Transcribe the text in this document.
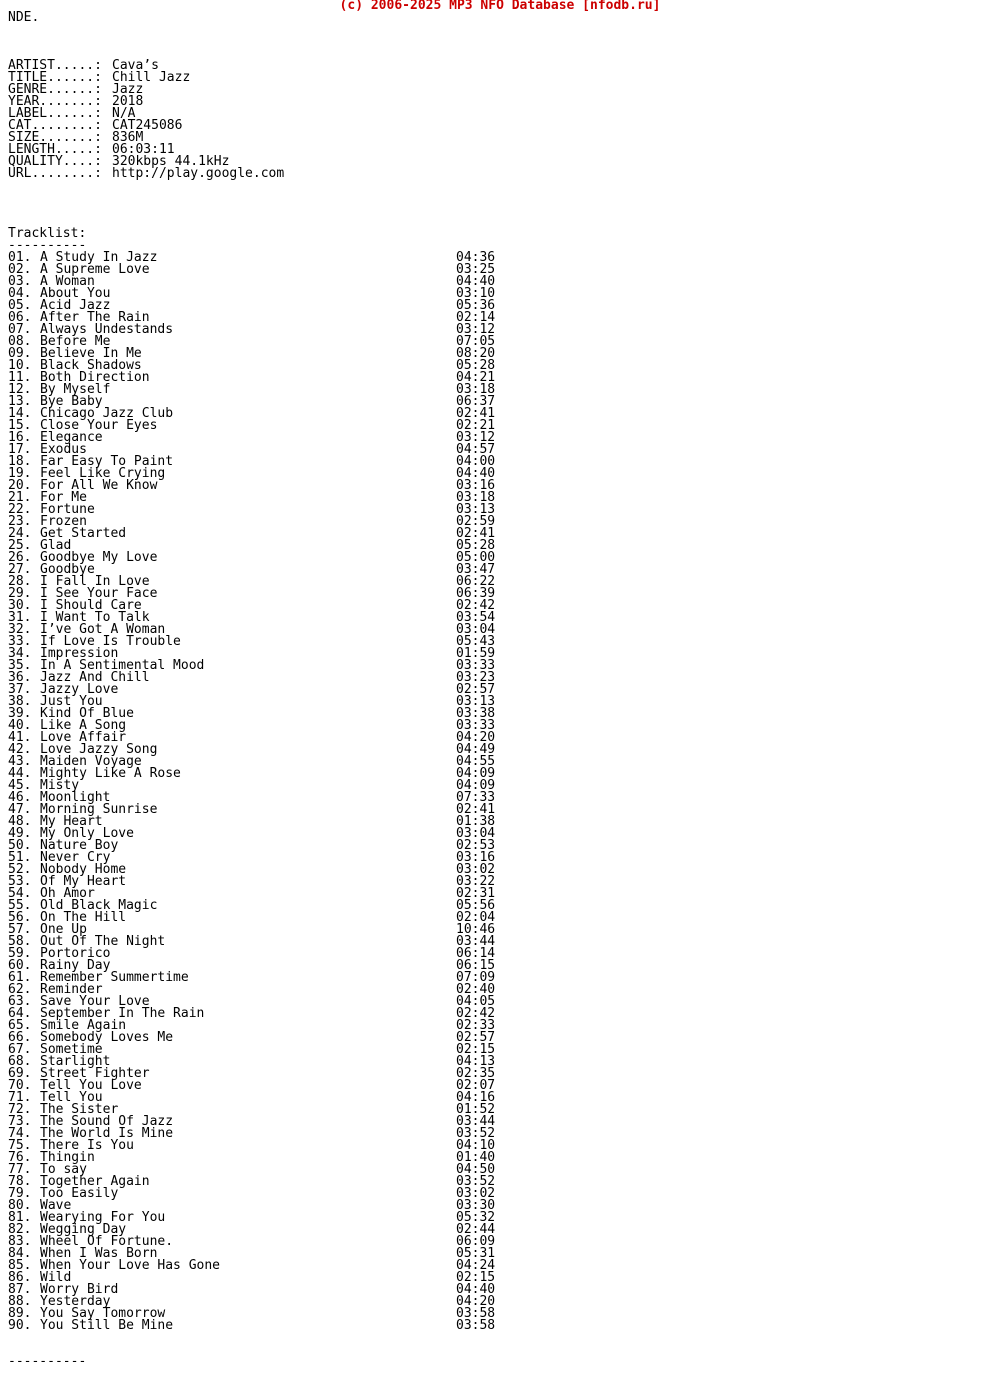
(c) 2006-2025 MP3 NFO Database [nfodb.ru]
NDE.
ARTIST.....: Cava’s
TITLE......: Chill Jazz
GENRE......: Jazz
YEAR.......: 2018
LABEL......: N/A
CAT........: CAT245086
SIZE.......: 836M
LENGTH.....: 06:03:11
QUALITY....: 320kbps 44.1kHz
URL........: http://play.google.com
Tracklist:
----------
01. A Study In Jazz	04:36
02. A Supreme Love	03:25
03. A Woman	04:40
04. About You	03:10
05. Acid Jazz	05:36
06. After The Rain	02:14
07. Always Undestands	03:12
08. Before Me	07:05
09. Believe In Me	08:20
10. Black Shadows	05:28
11. Both Direction	04:21
12. By Myself	03:18
13. Bye Baby	06:37
14. Chicago Jazz Club	02:41
15. Close Your Eyes	02:21
16. Elegance	03:12
17. Exodus	04:57
18. Far Easy To Paint	04:00
19. Feel Like Crying	04:40
20. For All We Know	03:16
21. For Me	03:18
22. Fortune	03:13
23. Frozen	02:59
24. Get Started	02:41
25. Glad	05:28
26. Goodbye My Love	05:00
27. Goodbye	03:47
28. I Fall In Love	06:22
29. I See Your Face	06:39
30. I Should Care	02:42
31. I Want To Talk	03:54
32. I’ve Got A Woman	03:04
33. If Love Is Trouble	05:43
34. Impression	01:59
35. In A Sentimental Mood	03:33
36. Jazz And Chill	03:23
37. Jazzy Love	02:57
38. Just You	03:13
39. Kind Of Blue	03:38
40. Like A Song	03:33
41. Love Affair	04:20
42. Love Jazzy Song	04:49
43. Maiden Voyage	04:55
44. Mighty Like A Rose	04:09
45. Misty	04:09
46. Moonlight	07:33
47. Morning Sunrise	02:41
48. My Heart	01:38
49. My Only Love	03:04
50. Nature Boy	02:53
51. Never Cry	03:16
52. Nobody Home	03:02
53. Of My Heart	03:22
54. Oh Amor	02:31
55. Old Black Magic	05:56
56. On The Hill	02:04
57. One Up	10:46
58. Out Of The Night	03:44
59. Portorico	06:14
60. Rainy Day	06:15
61. Remember Summertime	07:09
62. Reminder	02:40
63. Save Your Love	04:05
64. September In The Rain	02:42
65. Smile Again	02:33
66. Somebody Loves Me	02:57
67. Sometime	02:15
68. Starlight	04:13
69. Street Fighter	02:35
70. Tell You Love	02:07
71. Tell You	04:16
72. The Sister	01:52
73. The Sound Of Jazz	03:44
74. The World Is Mine	03:52
75. There Is You	04:10
76. Thingin	01:40
77. To say	04:50
78. Together Again	03:52
79. Too Easily	03:02
80. Wave	03:30
81. Wearying For You	05:32
82. Wegging Day	02:44
83. Wheel Of Fortune.	06:09
84. When I Was Born	05:31
85. When Your Love Has Gone	04:24
86. Wild	02:15
87. Worry Bird	04:40
88. Yesterday	04:20
89. You Say Tomorrow	03:58
90. You Still Be Mine	03:58
----------
